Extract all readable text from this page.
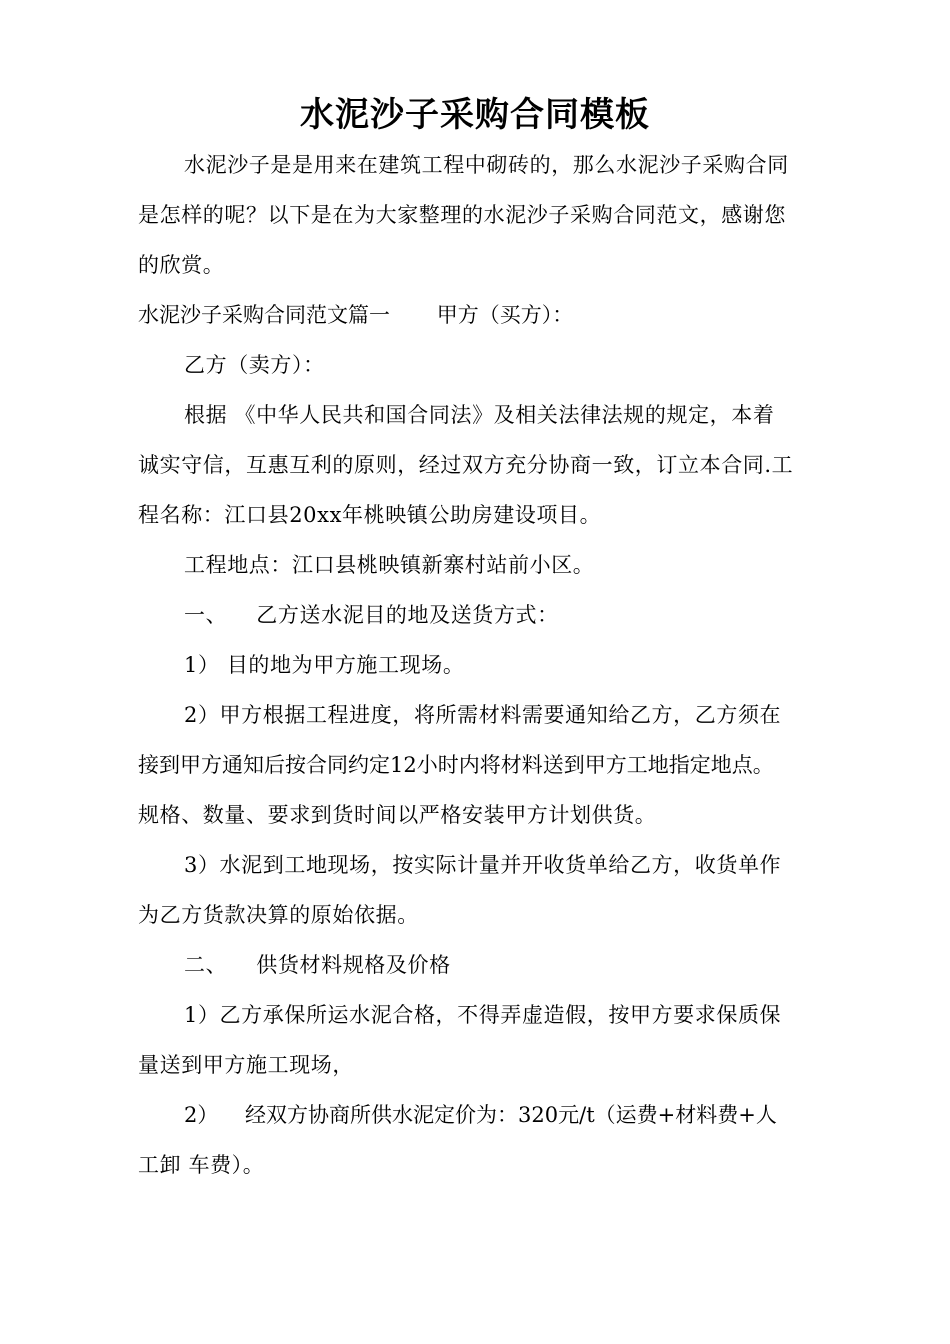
水泥沙子采购合同模板
水泥沙子是是用来在建筑工程中砌砖的，那么水泥沙子采购合同
是怎样的呢？以下是在为大家整理的水泥沙子采购合同范文，感谢您
的欣赏。
水泥沙子采购合同范文篇一       甲方（买方）：
乙方（卖方）：
根据 《中华人民共和国合同法》及相关法律法规的规定，本着
诚实守信，互惠互利的原则，经过双方充分协商一致，订立本合同.工
程名称：江口县20xx年桃映镇公助房建设项目。
工程地点：江口县桃映镇新寨村站前小区。
一、    乙方送水泥目的地及送货方式：
1） 目的地为甲方施工现场。
2）甲方根据工程进度，将所需材料需要通知给乙方，乙方须在
接到甲方通知后按合同约定12小时内将材料送到甲方工地指定地点。
规格、数量、要求到货时间以严格安装甲方计划供货。
3）水泥到工地现场，按实际计量并开收货单给乙方，收货单作
为乙方货款决算的原始依据。
二、    供货材料规格及价格
1）乙方承保所运水泥合格，不得弄虚造假，按甲方要求保质保
量送到甲方施工现场，
2）    经双方协商所供水泥定价为：320元/t（运费+材料费+人
工卸 车费）。
